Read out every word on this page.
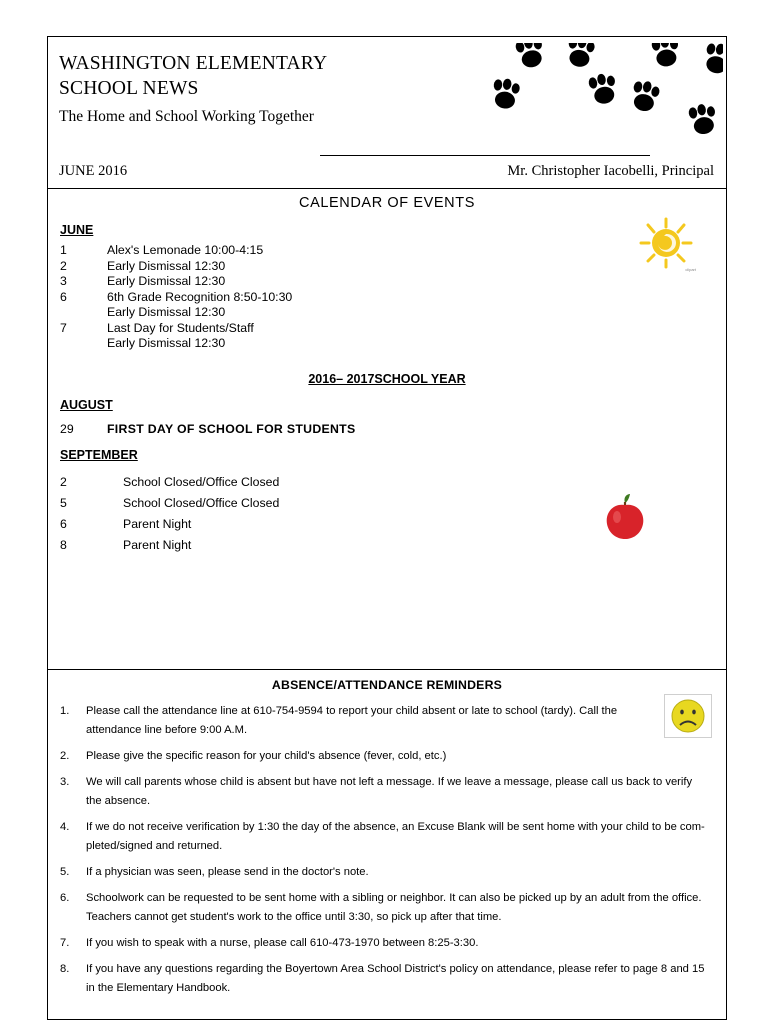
WASHINGTON ELEMENTARY
SCHOOL NEWS
The Home and School Working Together
JUNE 2016	Mr. Christopher Iacobelli, Principal
CALENDAR OF EVENTS
clipart
JUNE
1	Alex's Lemonade 10:00-4:15
2	Early Dismissal 12:30
3	Early Dismissal 12:30
6	6th Grade Recognition 8:50-10:30
Early Dismissal 12:30
7	Last Day for Students/Staff
Early Dismissal 12:30
2016– 2017SCHOOL YEAR
AUGUST
29	FIRST DAY OF SCHOOL FOR STUDENTS
SEPTEMBER
2	School Closed/Office Closed
5	School Closed/Office Closed
6	Parent Night
8	Parent Night
ABSENCE/ATTENDANCE REMINDERS
1.	Please call the attendance line at 610-754-9594 to report your child absent or late to school (tardy). Call the attendance line before 9:00 A.M.
2.	Please give the specific reason for your child's absence (fever, cold, etc.)
3.	We will call parents whose child is absent but have not left a message. If we leave a message, please call us back to verify the absence.
4.	If we do not receive verification by 1:30 the day of the absence, an Excuse Blank will be sent home with your child to be com-pleted/signed and returned.
5.	If a physician was seen, please send in the doctor's note.
6.	Schoolwork can be requested to be sent home with a sibling or neighbor. It can also be picked up by an adult from the office. Teachers cannot get student's work to the office until 3:30, so pick up after that time.
7.	If you wish to speak with a nurse, please call 610-473-1970 between 8:25-3:30.
8.	If you have any questions regarding the Boyertown Area School District's policy on attendance, please refer to page 8 and 15 in the Elementary Handbook.
